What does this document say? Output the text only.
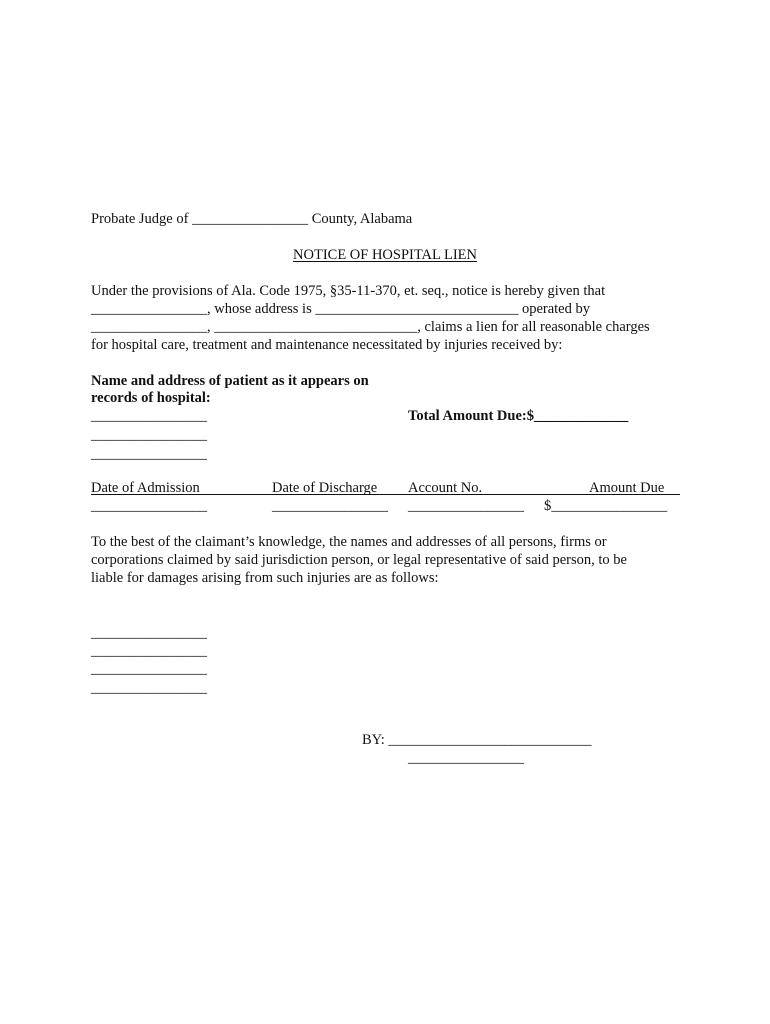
Probate Judge of ________________ County, Alabama
NOTICE OF HOSPITAL LIEN
Under the provisions of Ala. Code 1975, §35-11-370, et. seq., notice is hereby given that
________________, whose address is ____________________________ operated by
________________, ____________________________, claims a lien for all reasonable charges
for hospital care, treatment and maintenance necessitated by injuries received by:
Name and address of patient as it appears on
records of hospital:
________________
________________
________________
Total Amount Due:$_____________
Date of Admission	Date of Discharge Account No.	Amount Due
________________	________________ ________________ $________________
To the best of the claimant’s knowledge, the names and addresses of all persons, firms or
corporations claimed by said jurisdiction person, or legal representative of said person, to be
liable for damages arising from such injuries are as follows:
________________
________________
________________
________________
BY: ____________________________
________________
